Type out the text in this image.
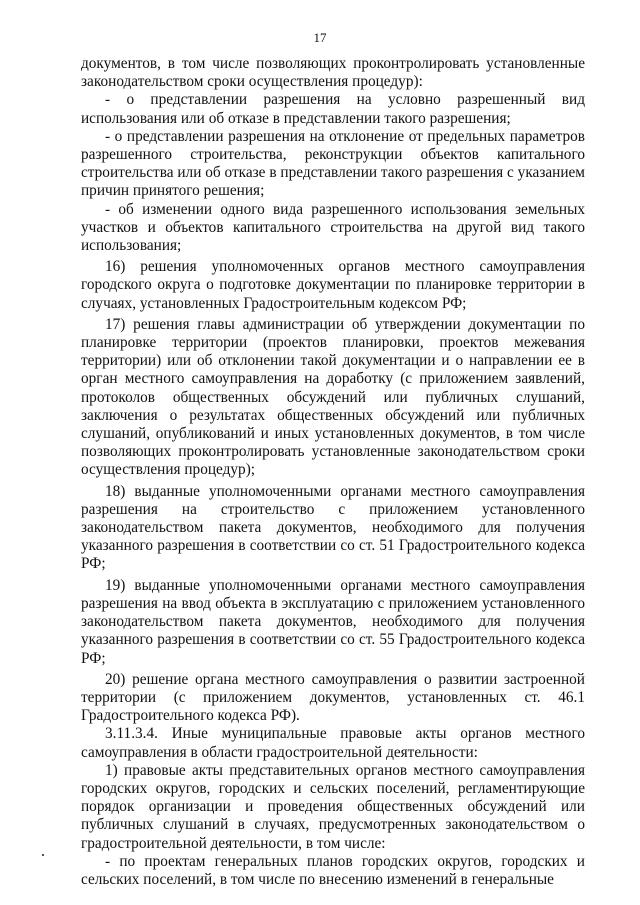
17

документов, в том числе позволяющих проконтролировать установленные законодательством сроки осуществления процедур):

- о представлении разрешения на условно разрешенный вид использования или об отказе в представлении такого разрешения;

- о представлении разрешения на отклонение от предельных параметров разрешенного строительства, реконструкции объектов капитального строительства или об отказе в представлении такого разрешения с указанием причин принятого решения;

- об изменении одного вида разрешенного использования земельных участков и объектов капитального строительства на другой вид такого использования;

16) решения уполномоченных органов местного самоуправления городского округа о подготовке документации по планировке территории в случаях, установленных Градостроительным кодексом РФ;

17) решения главы администрации об утверждении документации по планировке территории (проектов планировки, проектов межевания территории) или об отклонении такой документации и о направлении ее в орган местного самоуправления на доработку (с приложением заявлений, протоколов общественных обсуждений или публичных слушаний, заключения о результатах общественных обсуждений или публичных слушаний, опубликований и иных установленных документов, в том числе позволяющих проконтролировать установленные законодательством сроки осуществления процедур);

18) выданные уполномоченными органами местного самоуправления разрешения на строительство с приложением установленного законодательством пакета документов, необходимого для получения указанного разрешения в соответствии со ст. 51 Градостроительного кодекса РФ;

19) выданные уполномоченными органами местного самоуправления разрешения на ввод объекта в эксплуатацию с приложением установленного законодательством пакета документов, необходимого для получения указанного разрешения в соответствии со ст. 55 Градостроительного кодекса РФ;

20) решение органа местного самоуправления о развитии застроенной территории (с приложением документов, установленных ст. 46.1 Градостроительного кодекса РФ).

3.11.3.4. Иные муниципальные правовые акты органов местного самоуправления в области градостроительной деятельности:

1) правовые акты представительных органов местного самоуправления городских округов, городских и сельских поселений, регламентирующие порядок организации и проведения общественных обсуждений или публичных слушаний в случаях, предусмотренных законодательством о градостроительной деятельности, в том числе:

- по проектам генеральных планов городских округов, городских и сельских поселений, в том числе по внесению изменений в генеральные
